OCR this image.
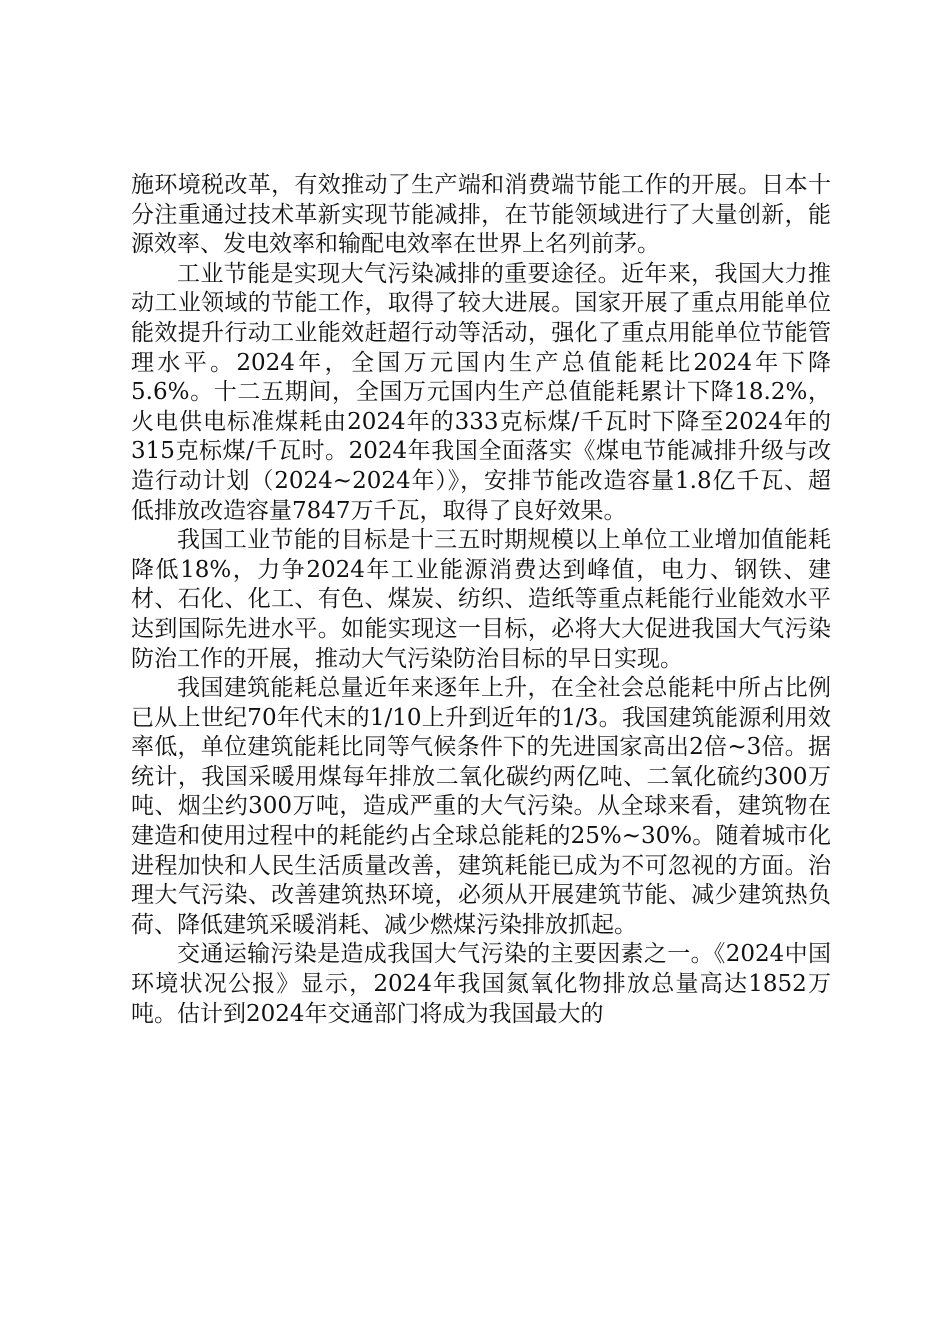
施环境税改革，有效推动了生产端和消费端节能工作的开展。日本十分注重通过技术革新实现节能减排，在节能领域进行了大量创新，能源效率、发电效率和输配电效率在世界上名列前茅。

工业节能是实现大气污染减排的重要途径。近年来，我国大力推动工业领域的节能工作，取得了较大进展。国家开展了重点用能单位能效提升行动工业能效赶超行动等活动，强化了重点用能单位节能管理水平。2024年，全国万元国内生产总值能耗比2024年下降5.6%。十二五期间，全国万元国内生产总值能耗累计下降18.2%，火电供电标准煤耗由2024年的333克标煤/千瓦时下降至2024年的315克标煤/千瓦时。2024年我国全面落实《煤电节能减排升级与改造行动计划（2024~2024年）》，安排节能改造容量1.8亿千瓦、超低排放改造容量7847万千瓦，取得了良好效果。

我国工业节能的目标是十三五时期规模以上单位工业增加值能耗降低18%，力争2024年工业能源消费达到峰值，电力、钢铁、建材、石化、化工、有色、煤炭、纺织、造纸等重点耗能行业能效水平达到国际先进水平。如能实现这一目标，必将大大促进我国大气污染防治工作的开展，推动大气污染防治目标的早日实现。

我国建筑能耗总量近年来逐年上升，在全社会总能耗中所占比例已从上世纪70年代末的1/10上升到近年的1/3。我国建筑能源利用效率低，单位建筑能耗比同等气候条件下的先进国家高出2倍~3倍。据统计，我国采暖用煤每年排放二氧化碳约两亿吨、二氧化硫约300万吨、烟尘约300万吨，造成严重的大气污染。从全球来看，建筑物在建造和使用过程中的耗能约占全球总能耗的25%~30%。随着城市化进程加快和人民生活质量改善，建筑耗能已成为不可忽视的方面。治理大气污染、改善建筑热环境，必须从开展建筑节能、减少建筑热负荷、降低建筑采暖消耗、减少燃煤污染排放抓起。

交通运输污染是造成我国大气污染的主要因素之一。《2024中国环境状况公报》显示，2024年我国氮氧化物排放总量高达1852万吨。估计到2024年交通部门将成为我国最大的
